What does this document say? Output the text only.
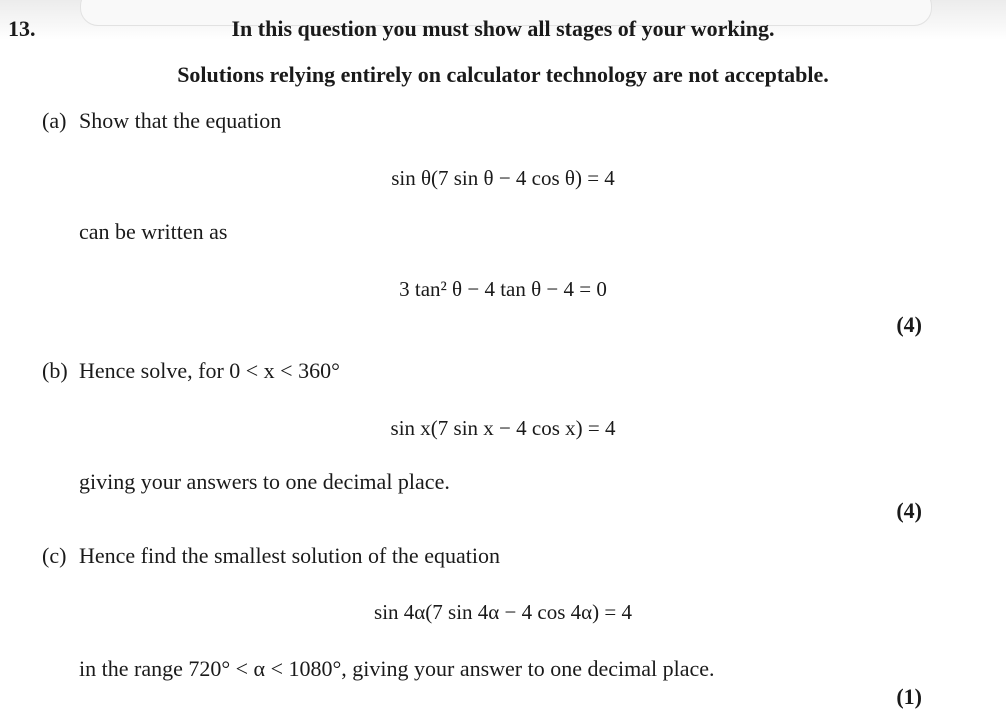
13.	In this question you must show all stages of your working.
Solutions relying entirely on calculator technology are not acceptable.
(a) Show that the equation
sin θ(7 sin θ − 4 cos θ) = 4
can be written as
3 tan² θ − 4 tan θ − 4 = 0
(4)
(b) Hence solve, for 0 < x < 360°
sin x(7 sin x − 4 cos x) = 4
giving your answers to one decimal place.
(4)
(c) Hence find the smallest solution of the equation
sin 4α(7 sin 4α − 4 cos 4α) = 4
in the range 720° < α < 1080°, giving your answer to one decimal place.
(1)
